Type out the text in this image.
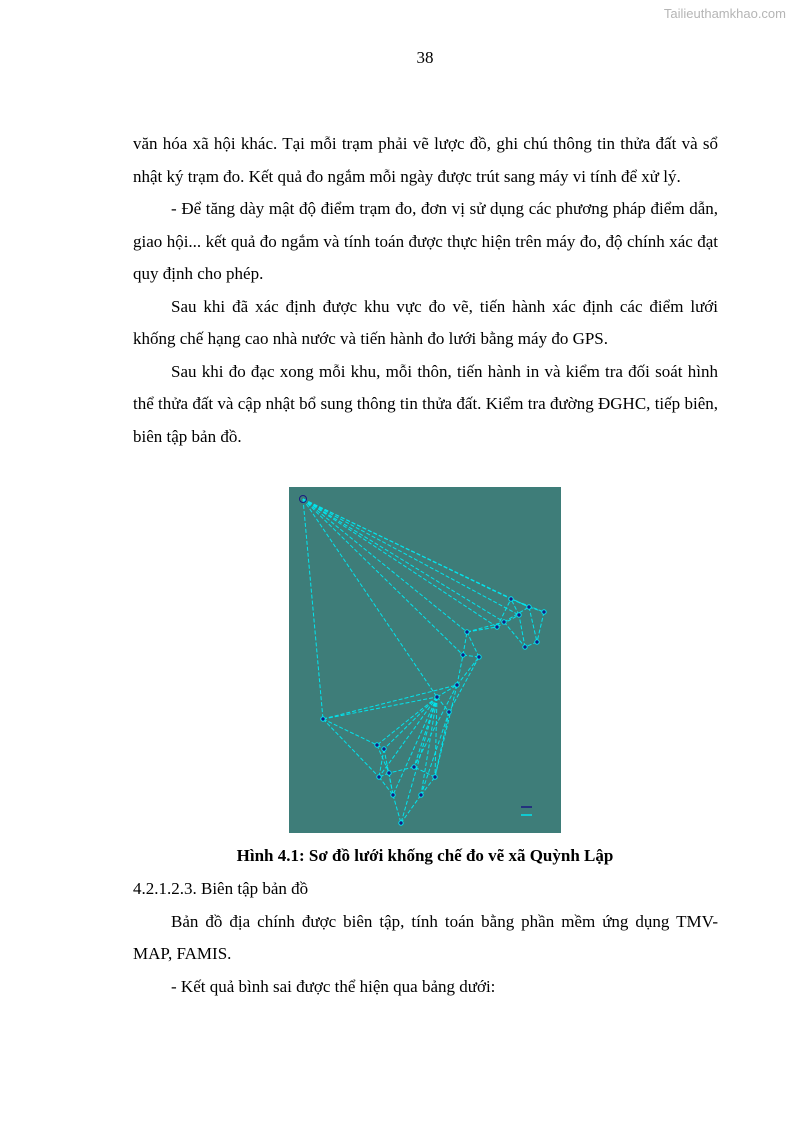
Tailieuthamkhao.com
38

văn hóa xã hội khác. Tại mỗi trạm phải vẽ lược đồ, ghi chú thông tin thửa đất và sổ nhật ký trạm đo. Kết quả đo ngắm mỗi ngày được trút sang máy vi tính để xử lý.

- Để tăng dày mật độ điểm trạm đo, đơn vị sử dụng các phương pháp điểm dẫn, giao hội... kết quả đo ngắm và tính toán được thực hiện trên máy đo, độ chính xác đạt quy định cho phép.

Sau khi đã xác định được khu vực đo vẽ, tiến hành xác định các điểm lưới khống chế hạng cao nhà nước và tiến hành đo lưới bằng máy đo GPS.

Sau khi đo đạc xong mỗi khu, mỗi thôn, tiến hành in và kiểm tra đối soát hình thể thửa đất và cập nhật bổ sung thông tin thửa đất. Kiểm tra đường ĐGHC, tiếp biên, biên tập bản đồ.

Hình 4.1: Sơ đồ lưới khống chế đo vẽ xã Quỳnh Lập

4.2.1.2.3. Biên tập bản đồ

Bản đồ địa chính được biên tập, tính toán bằng phần mềm ứng dụng TMV-MAP, FAMIS.

- Kết quả bình sai được thể hiện qua bảng dưới:
